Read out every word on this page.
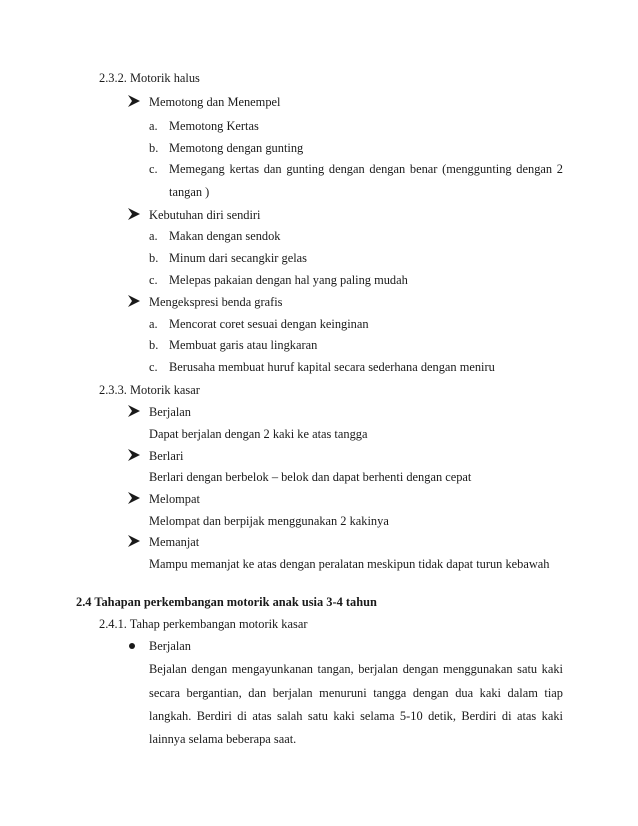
2.3.2. Motorik halus
Memotong dan Menempel
a. Memotong Kertas
b. Memotong dengan gunting
c. Memegang kertas dan gunting dengan dengan benar (menggunting dengan 2
tangan )
Kebutuhan diri sendiri
a. Makan dengan sendok
b. Minum dari secangkir gelas
c. Melepas pakaian dengan hal yang paling mudah
Mengekspresi benda grafis
a. Mencorat coret sesuai dengan keinginan
b. Membuat garis atau lingkaran
c. Berusaha membuat huruf kapital secara sederhana dengan meniru
2.3.3. Motorik kasar
Berjalan
Dapat berjalan dengan 2 kaki ke atas tangga
Berlari
Berlari dengan berbelok – belok dan dapat berhenti dengan cepat
Melompat
Melompat dan berpijak menggunakan 2 kakinya
Memanjat
Mampu memanjat ke atas dengan peralatan meskipun tidak dapat turun kebawah
2.4 Tahapan perkembangan motorik anak usia 3-4 tahun
2.4.1. Tahap perkembangan motorik kasar
Berjalan
Bejalan dengan mengayunkanan tangan, berjalan dengan menggunakan satu kaki
secara bergantian, dan berjalan menuruni tangga dengan dua kaki dalam tiap
langkah. Berdiri di atas salah satu kaki selama 5-10 detik, Berdiri di atas kaki
lainnya selama beberapa saat.
